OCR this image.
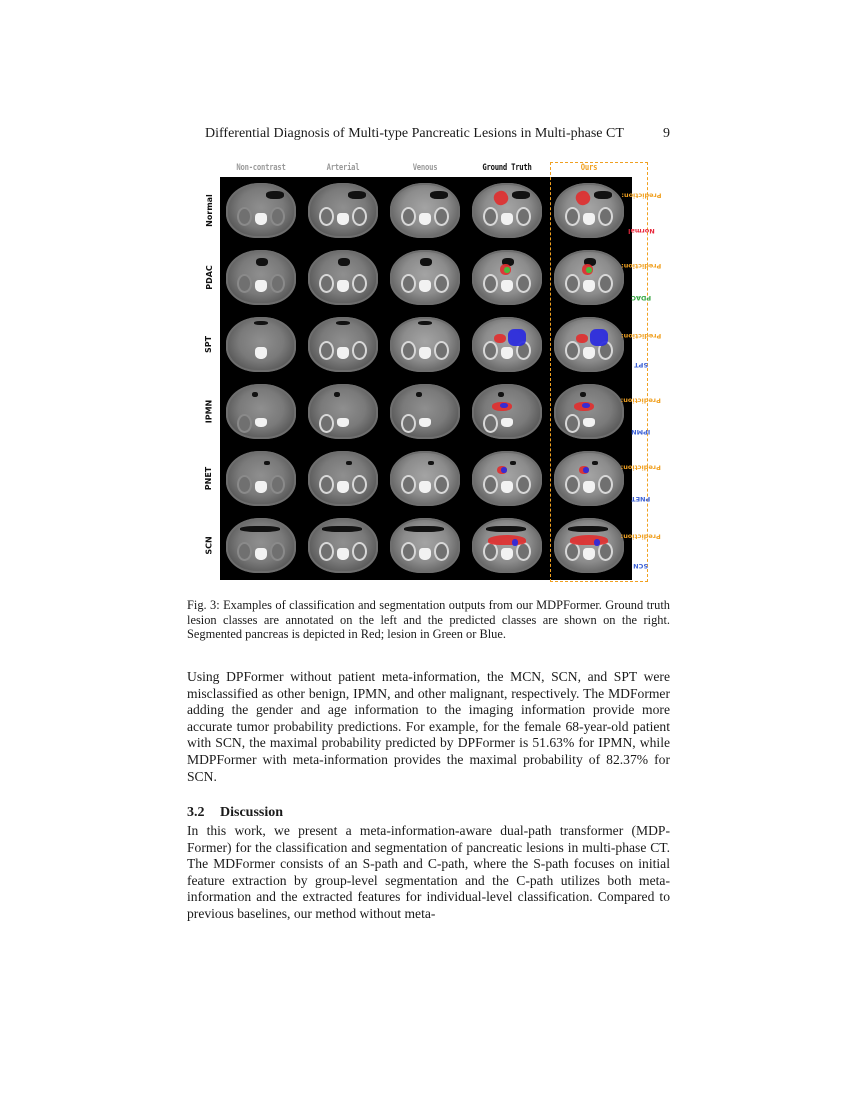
Differential Diagnosis of Multi-type Pancreatic Lesions in Multi-phase CT	9
Non-contrast	Arterial	Venous	Ground Truth	Ours
Normal
PDAC
SPT
IPMN
PNET
SCN
Prediction: Normal
Prediction: PDAC
Prediction: SPT
Prediction: IPMN
Prediction: PNET
Prediction: SCN
Fig. 3: Examples of classification and segmentation outputs from our MDPFormer. Ground truth lesion classes are annotated on the left and the predicted classes are shown on the right. Segmented pancreas is depicted in Red; lesion in Green or Blue.
Using DPFormer without patient meta-information, the MCN, SCN, and SPT were misclassified as other benign, IPMN, and other malignant, respectively. The MDFormer adding the gender and age information to the imaging information provide more accurate tumor probability predictions. For example, for the female 68-year-old patient with SCN, the maximal probability predicted by DPFormer is 51.63% for IPMN, while MDPFormer with meta-information provides the maximal probability of 82.37% for SCN.
3.2 Discussion
In this work, we present a meta-information-aware dual-path transformer (MDP-Former) for the classification and segmentation of pancreatic lesions in multi-phase CT. The MDFormer consists of an S-path and C-path, where the S-path focuses on initial feature extraction by group-level segmentation and the C-path utilizes both meta-information and the extracted features for individual-level classification. Compared to previous baselines, our method without meta-
